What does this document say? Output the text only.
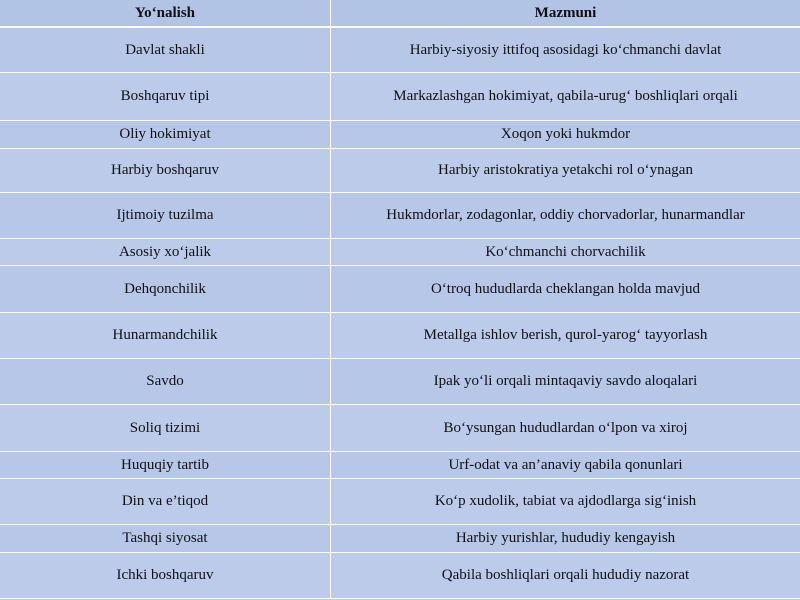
Yo‘nalish	Mazmuni
Davlat shakli	Harbiy-siyosiy ittifoq asosidagi ko‘chmanchi davlat
Boshqaruv tipi	Markazlashgan hokimiyat, qabila-urug‘ boshliqlari orqali
Oliy hokimiyat	Xoqon yoki hukmdor
Harbiy boshqaruv	Harbiy aristokratiya yetakchi rol o‘ynagan
Ijtimoiy tuzilma	Hukmdorlar, zodagonlar, oddiy chorvadorlar, hunarmandlar
Asosiy xo‘jalik	Ko‘chmanchi chorvachilik
Dehqonchilik	O‘troq hududlarda cheklangan holda mavjud
Hunarmandchilik	Metallga ishlov berish, qurol-yarog‘ tayyorlash
Savdo	Ipak yo‘li orqali mintaqaviy savdo aloqalari
Soliq tizimi	Bo‘ysungan hududlardan o‘lpon va xiroj
Huquqiy tartib	Urf-odat va an’anaviy qabila qonunlari
Din va e’tiqod	Ko‘p xudolik, tabiat va ajdodlarga sig‘inish
Tashqi siyosat	Harbiy yurishlar, hududiy kengayish
Ichki boshqaruv	Qabila boshliqlari orqali hududiy nazorat
